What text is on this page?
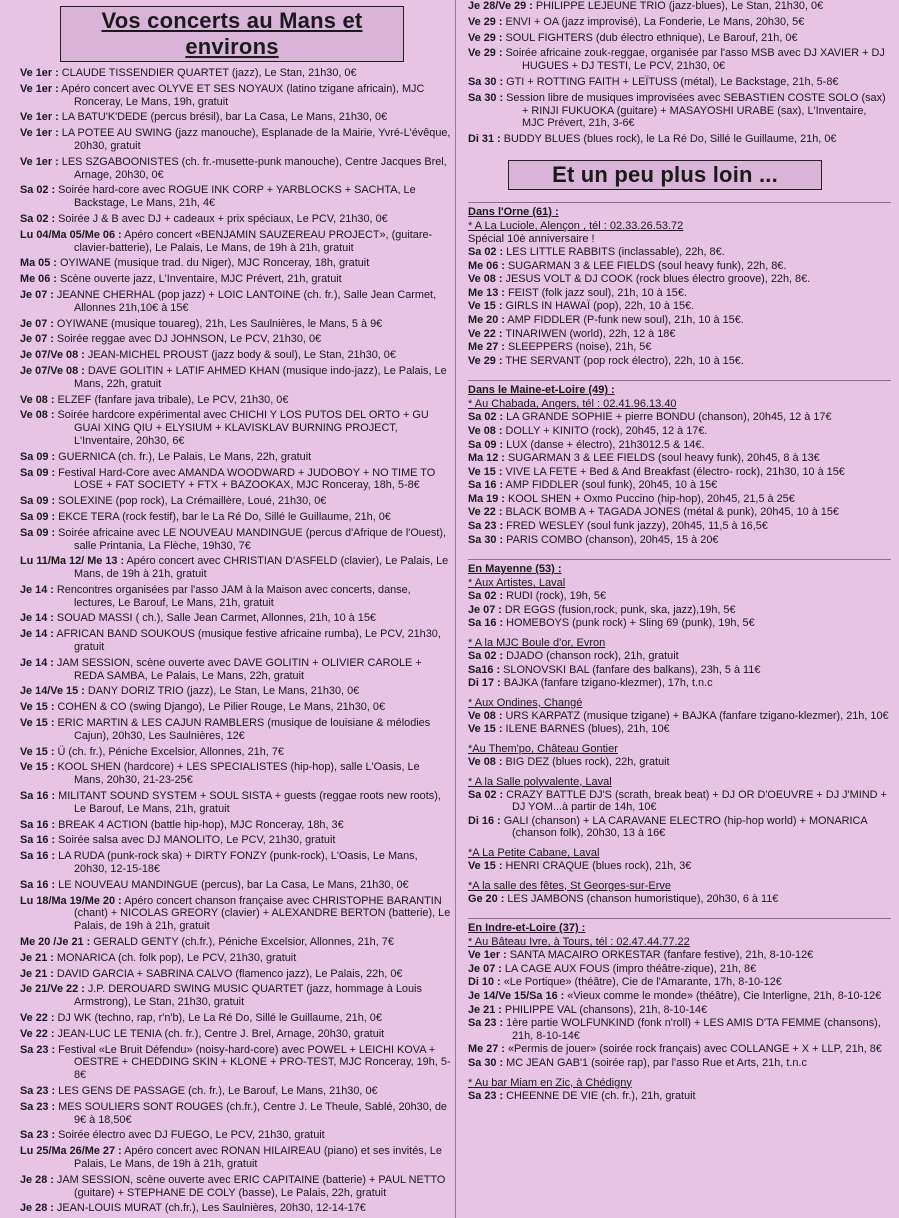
Vos concerts au Mans et environs
Ve 1er : CLAUDE TISSENDIER QUARTET (jazz), Le Stan, 21h30, 0€
Ve 1er : Apéro concert avec OLYVE ET SES NOYAUX (latino tzigane africain), MJC Ronceray, Le Mans, 19h, gratuit
Ve 1er : LA BATU'K'DEDE (percus brésil), bar La Casa, Le Mans, 21h30, 0€
Ve 1er : LA POTEE AU SWING (jazz manouche), Esplanade de la Mairie, Yvré-L'évêque, 20h30, gratuit
Ve 1er : LES SZGABOONISTES (ch. fr.-musette-punk manouche), Centre Jacques Brel, Arnage, 20h30, 0€
Sa 02 : Soirée hard-core avec ROGUE INK CORP + YARBLOCKS + SACHTA, Le Backstage, Le Mans, 21h, 4€
Sa 02 : Soirée J & B avec DJ + cadeaux + prix spéciaux, Le PCV, 21h30, 0€
Lu 04/Ma 05/Me 06 : Apéro concert «BENJAMIN SAUZEREAU PROJECT», (guitare-clavier-batterie), Le Palais, Le Mans, de 19h à 21h, gratuit
Ma 05 : OYIWANE (musique trad. du Niger), MJC Ronceray, 18h, gratuit
Me 06 : Scène ouverte jazz, L'Inventaire, MJC Prévert, 21h, gratuit
Je 07 : JEANNE CHERHAL (pop jazz) + LOIC LANTOINE (ch. fr.), Salle Jean Carmet, Allonnes 21h,10€ à 15€
Je 07 : OYIWANE (musique touareg), 21h, Les Saulnières, le Mans, 5 à 9€
Je 07 : Soirée reggae avec DJ JOHNSON, Le PCV, 21h30, 0€
Je 07/Ve 08 : JEAN-MICHEL PROUST (jazz body & soul), Le Stan, 21h30, 0€
Je 07/Ve 08 : DAVE GOLITIN + LATIF AHMED KHAN (musique indo-jazz), Le Palais, Le Mans, 22h, gratuit
Ve 08 : ELZEF (fanfare java tribale), Le PCV, 21h30, 0€
Ve 08 : Soirée hardcore expérimental avec CHICHI Y LOS PUTOS DEL ORTO + GU GUAI XING QIU + ELYSIUM + KLAVISKLAV BURNING PROJECT, L'Inventaire, 20h30, 6€
Sa 09 : GUERNICA (ch. fr.), Le Palais, Le Mans, 22h, gratuit
Sa 09 : Festival Hard-Core avec AMANDA WOODWARD + JUDOBOY + NO TIME TO LOSE + FAT SOCIETY + FTX + BAZOOKAX, MJC Ronceray, 18h, 5-8€
Sa 09 : SOLEXINE (pop rock), La Crémaillère, Loué, 21h30, 0€
Sa 09 : EKCE TERA (rock festif), bar le La Ré Do, Sillé le Guillaume, 21h, 0€
Sa 09 : Soirée africaine avec LE NOUVEAU MANDINGUE (percus d'Afrique de l'Ouest), salle Printania, La Flèche, 19h30, 7€
Lu 11/Ma 12/ Me 13 : Apéro concert avec CHRISTIAN D'ASFELD (clavier), Le Palais, Le Mans, de 19h à 21h, gratuit
Je 14 : Rencontres organisées par l'asso JAM à la Maison avec concerts, danse, lectures, Le Barouf, Le Mans, 21h, gratuit
Je 14 : SOUAD MASSI ( ch.), Salle Jean Carmet, Allonnes, 21h, 10 à 15€
Je 14 : AFRICAN BAND SOUKOUS (musique festive africaine rumba), Le PCV, 21h30, gratuit
Je 14 : JAM SESSION, scène ouverte avec DAVE GOLITIN + OLIVIER CAROLE + REDA SAMBA, Le Palais, Le Mans, 22h, gratuit
Je 14/Ve 15 : DANY DORIZ TRIO (jazz), Le Stan, Le Mans, 21h30, 0€
Ve 15 : COHEN & CO (swing Django), Le Pilier Rouge, Le Mans, 21h30, 0€
Ve 15 : ERIC MARTIN & LES CAJUN RAMBLERS (musique de louisiane & mélodies Cajun), 20h30, Les Saulnières, 12€
Ve 15 : Ü (ch. fr.), Péniche Excelsior, Allonnes, 21h, 7€
Ve 15 : KOOL SHEN (hardcore) + LES SPECIALISTES (hip-hop), salle L'Oasis, Le Mans, 20h30, 21-23-25€
Sa 16 : MILITANT SOUND SYSTEM + SOUL SISTA + guests (reggae roots new roots), Le Barouf, Le Mans, 21h, gratuit
Sa 16 : BREAK 4 ACTION (battle hip-hop), MJC Ronceray, 18h, 3€
Sa 16 : Soirée salsa avec DJ MANOLITO, Le PCV, 21h30, gratuit
Sa 16 : LA RUDA (punk-rock ska) + DIRTY FONZY (punk-rock), L'Oasis, Le Mans, 20h30, 12-15-18€
Sa 16 : LE NOUVEAU MANDINGUE (percus), bar La Casa, Le Mans, 21h30, 0€
Lu 18/Ma 19/Me 20 : Apéro concert chanson française avec CHRISTOPHE BARANTIN (chant) + NICOLAS GREORY (clavier) + ALEXANDRE BERTON (batterie), Le Palais, de 19h à 21h, gratuit
Me 20 /Je 21 : GERALD GENTY (ch.fr.), Péniche Excelsior, Allonnes, 21h, 7€
Je 21 : MONARICA (ch. folk pop), Le PCV, 21h30, gratuit
Je 21 : DAVID GARCIA + SABRINA CALVO (flamenco jazz), Le Palais, 22h, 0€
Je 21/Ve 22 : J.P. DEROUARD SWING MUSIC QUARTET (jazz, hommage à Louis Armstrong), Le Stan, 21h30, gratuit
Ve 22 : DJ WK (techno, rap, r'n'b), Le La Ré Do, Sillé le Guillaume, 21h, 0€
Ve 22 : JEAN-LUC LE TENIA (ch. fr.), Centre J. Brel, Arnage, 20h30, gratuit
Sa 23 : Festival «Le Bruit Défendu» (noisy-hard-core) avec POWEL + LEICHI KOVA + OESTRE + CHEDDING SKIN + KLONE + PRO-TEST, MJC Ronceray, 19h, 5-8€
Sa 23 : LES GENS DE PASSAGE (ch. fr.), Le Barouf, Le Mans, 21h30, 0€
Sa 23 : MES SOULIERS SONT ROUGES (ch.fr.), Centre J. Le Theule, Sablé, 20h30, de 9€ à 18,50€
Sa 23 : Soirée électro avec DJ FUEGO, Le PCV, 21h30, gratuit
Lu 25/Ma 26/Me 27 : Apéro concert avec RONAN HILAIREAU (piano) et ses invités, Le Palais, Le Mans, de 19h à 21h, gratuit
Je 28 : JAM SESSION, scène ouverte avec ERIC CAPITAINE (batterie) + PAUL NETTO (guitare) + STEPHANE DE COLY (basse), Le Palais, 22h, gratuit
Je 28 : JEAN-LOUIS MURAT (ch.fr.), Les Saulnières, 20h30, 12-14-17€
Je 28/Ve 29 : PHILIPPE LEJEUNE TRIO (jazz-blues), Le Stan, 21h30, 0€
Ve 29 : ENVI + OA (jazz improvisé), La Fonderie, Le Mans, 20h30, 5€
Ve 29 : SOUL FIGHTERS (dub électro ethnique), Le Barouf, 21h, 0€
Ve 29 : Soirée africaine zouk-reggae, organisée par l'asso MSB avec DJ XAVIER + DJ HUGUES + DJ TESTI, Le PCV, 21h30, 0€
Sa 30 : GTI + ROTTING FAITH + LEÏTUSS (métal), Le Backstage, 21h, 5-8€
Sa 30 : Session libre de musiques improvisées avec SEBASTIEN COSTE SOLO (sax) + RINJI FUKUOKA (guitare) + MASAYOSHI URABE (sax), L'Inventaire, MJC Prévert, 21h, 3-6€
Di 31 : BUDDY BLUES (blues rock), le La Ré Do, Sillé le Guillaume, 21h, 0€
Et un peu plus loin ...
Dans l'Orne (61) :
* A La Luciole, Alençon , tél : 02.33.26.53.72
Spécial 10è anniversaire !
Sa 02 : LES LITTLE RABBITS (inclassable), 22h, 8€.
Me 06 : SUGARMAN 3 & LEE FIELDS (soul heavy funk), 22h, 8€.
Ve 08 : JESUS VOLT & DJ COOK (rock blues électro groove), 22h, 8€.
Me 13 : FEIST (folk jazz soul), 21h, 10 à 15€.
Ve 15 : GIRLS IN HAWAÏ (pop), 22h, 10 à 15€.
Me 20 : AMP FIDDLER (P-funk new soul), 21h, 10 à 15€.
Ve 22 : TINARIWEN (world), 22h, 12 à 18€
Me 27 : SLEEPPERS (noise), 21h, 5€
Ve 29 : THE SERVANT (pop rock électro), 22h, 10 à 15€.
Dans le Maine-et-Loire (49) :
* Au Chabada, Angers, tél : 02.41.96.13.40
Sa 02 : LA GRANDE SOPHIE + pierre BONDU (chanson), 20h45, 12 à 17€
Ve 08 : DOLLY + KINITO (rock), 20h45, 12 à 17€.
Sa 09 : LUX (danse + électro), 21h3012.5 & 14€.
Ma 12 : SUGARMAN 3 & LEE FIELDS (soul heavy funk), 20h45, 8 à 13€
Ve 15 : VIVE LA FETE + Bed & And Breakfast (électro- rock), 21h30, 10 à 15€
Sa 16 : AMP FIDDLER (soul funk), 20h45, 10 à 15€
Ma 19 : KOOL SHEN + Oxmo Puccino (hip-hop), 20h45, 21,5 à 25€
Ve 22 : BLACK BOMB A + TAGADA JONES (métal & punk), 20h45, 10 à 15€
Sa 23 : FRED WESLEY (soul funk jazzy), 20h45, 11,5 à 16,5€
Sa 30 : PARIS COMBO (chanson), 20h45, 15 à 20€
En Mayenne (53) :
* Aux Artistes, Laval
Sa 02 : RUDI (rock), 19h, 5€
Je 07 : DR EGGS (fusion,rock, punk, ska, jazz),19h, 5€
Sa 16 : HOMEBOYS (punk rock) + Sling 69 (punk), 19h, 5€
* A la MJC Boule d'or, Evron
Sa 02 : DJADO (chanson rock), 21h, gratuit
Sa16 : SLONOVSKI BAL (fanfare des balkans), 23h, 5 à 11€
Di 17 : BAJKA (fanfare tzigano-klezmer), 17h, t.n.c
* Aux Ondines, Changé
Ve 08 : URS KARPATZ (musique tzigane) + BAJKA (fanfare tzigano-klezmer), 21h, 10€
Ve 15 : ILENE BARNES (blues), 21h, 10€
*Au Them'po, Château Gontier
Ve 08 : BIG DEZ (blues rock), 22h, gratuit
* A la Salle polyvalente, Laval
Sa 02 : CRAZY BATTLE DJ'S (scrath, break beat) + DJ OR D'OEUVRE + DJ J'MIND + DJ YOM...à partir de 14h, 10€
Di 16 : GALI (chanson) + LA CARAVANE ELECTRO (hip-hop world) + MONARICA (chanson folk), 20h30, 13 à 16€
*A La Petite Cabane, Laval
Ve 15 : HENRI CRAQUE (blues rock), 21h, 3€
*A la salle des fêtes, St Georges-sur-Erve
Ge 20 : LES JAMBONS (chanson humoristique), 20h30, 6 à 11€
En Indre-et-Loire (37) :
* Au Bâteau Ivre, à Tours, tél : 02.47.44.77.22
Ve 1er : SANTA MACAIRO ORKESTAR (fanfare festive), 21h, 8-10-12€
Je 07 : LA CAGE AUX FOUS (impro théâtre-zique), 21h, 8€
Di 10 : «Le Portique» (théâtre), Cie de l'Amarante, 17h, 8-10-12€
Je 14/Ve 15/Sa 16 : «Vieux comme le monde» (théâtre), Cie Interligne, 21h, 8-10-12€
Je 21 : PHILIPPE VAL (chansons), 21h, 8-10-14€
Sa 23 : 1ère partie WOLFUNKIND (fonk n'roll) + LES AMIS D'TA FEMME (chansons), 21h, 8-10-14€
Me 27 : «Permis de jouer» (soirée rock français) avec COLLANGE + X + LLP, 21h, 8€
Sa 30 : MC JEAN GAB'1 (soirée rap), par l'asso Rue et Arts, 21h, t.n.c
* Au bar Miam en Zic, à Chédigny
Sa 23 : CHEENNE DE VIE (ch. fr.), 21h, gratuit
